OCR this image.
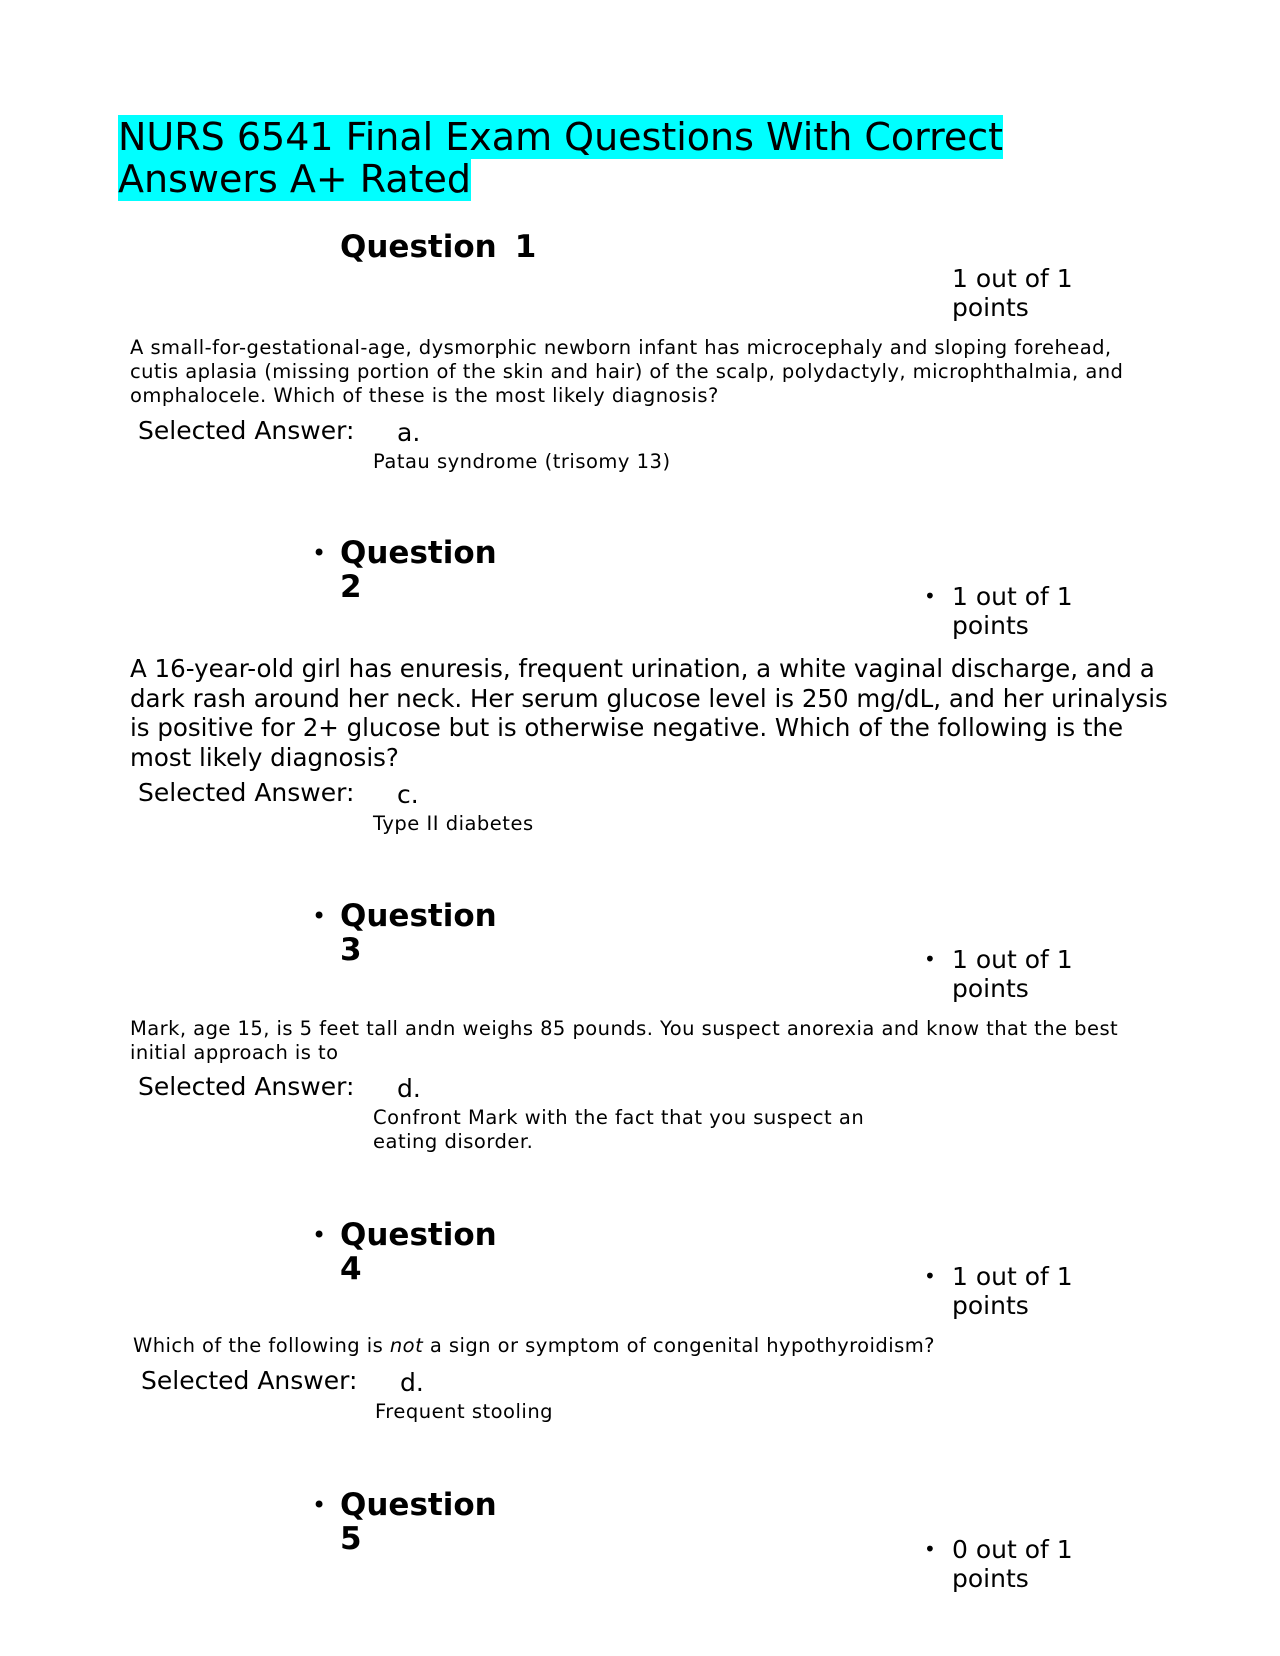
NURS 6541 Final Exam Questions With Correct Answers A+ Rated
Question 1
1 out of 1 points
A small-for-gestational-age, dysmorphic newborn infant has microcephaly and sloping forehead, cutis aplasia (missing portion of the skin and hair) of the scalp, polydactyly, microphthalmia, and omphalocele. Which of these is the most likely diagnosis?
Selected Answer: a.
Patau syndrome (trisomy 13)
• Question
2	• 1 out of 1 points
A 16-year-old girl has enuresis, frequent urination, a white vaginal discharge, and a dark rash around her neck. Her serum glucose level is 250 mg/dL, and her urinalysis is positive for 2+ glucose but is otherwise negative. Which of the following is the most likely diagnosis?
Selected Answer: c.
Type II diabetes
• Question
3	• 1 out of 1 points
Mark, age 15, is 5 feet tall andn weighs 85 pounds. You suspect anorexia and know that the best initial approach is to
Selected Answer: d.
Confront Mark with the fact that you suspect an eating disorder.
• Question
4	• 1 out of 1 points
Which of the following is not a sign or symptom of congenital hypothyroidism?
Selected Answer: d.
Frequent stooling
• Question
5	• 0 out of 1 points
